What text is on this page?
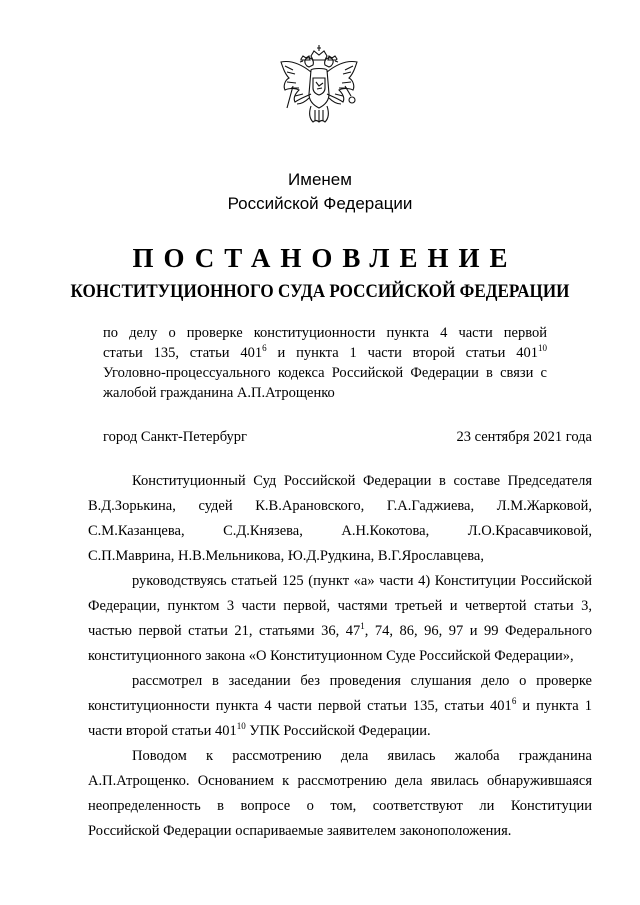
Именем
Российской Федерации
ПОСТАНОВЛЕНИЕ
КОНСТИТУЦИОННОГО СУДА РОССИЙСКОЙ ФЕДЕРАЦИИ
по делу о проверке конституционности пункта 4 части первой
статьи 135, статьи $401^6$ и пункта 1 части второй статьи $401^{10}$
Уголовно-процессуального кодекса Российской Федерации в связи с
жалобой гражданина А.П.Атрощенко
город Санкт-Петербург	23 сентября 2021 года
Конституционный Суд Российской Федерации в составе Председателя
В.Д.Зорькина, судей К.В.Арановского, Г.А.Гаджиева, Л.М.Жарковой,
С.М.Казанцева, С.Д.Князева, А.Н.Кокотова, Л.О.Красавчиковой,
С.П.Маврина, Н.В.Мельникова, Ю.Д.Рудкина, В.Г.Ярославцева,
руководствуясь статьей 125 (пункт «а» части 4) Конституции Российской
Федерации, пунктом 3 части первой, частями третьей и четвертой статьи 3,
частью первой статьи 21, статьями 36, $47^1$, 74, 86, 96, 97 и 99 Федерального
конституционного закона «О Конституционном Суде Российской Федерации»,
рассмотрел в заседании без проведения слушания дело о проверке
конституционности пункта 4 части первой статьи 135, статьи $401^6$ и пункта 1
части второй статьи $401^{10}$ УПК Российской Федерации.
Поводом к рассмотрению дела явилась жалоба гражданина
А.П.Атрощенко. Основанием к рассмотрению дела явилась обнаружившаяся
неопределенность в вопросе о том, соответствуют ли Конституции
Российской Федерации оспариваемые заявителем законоположения.
